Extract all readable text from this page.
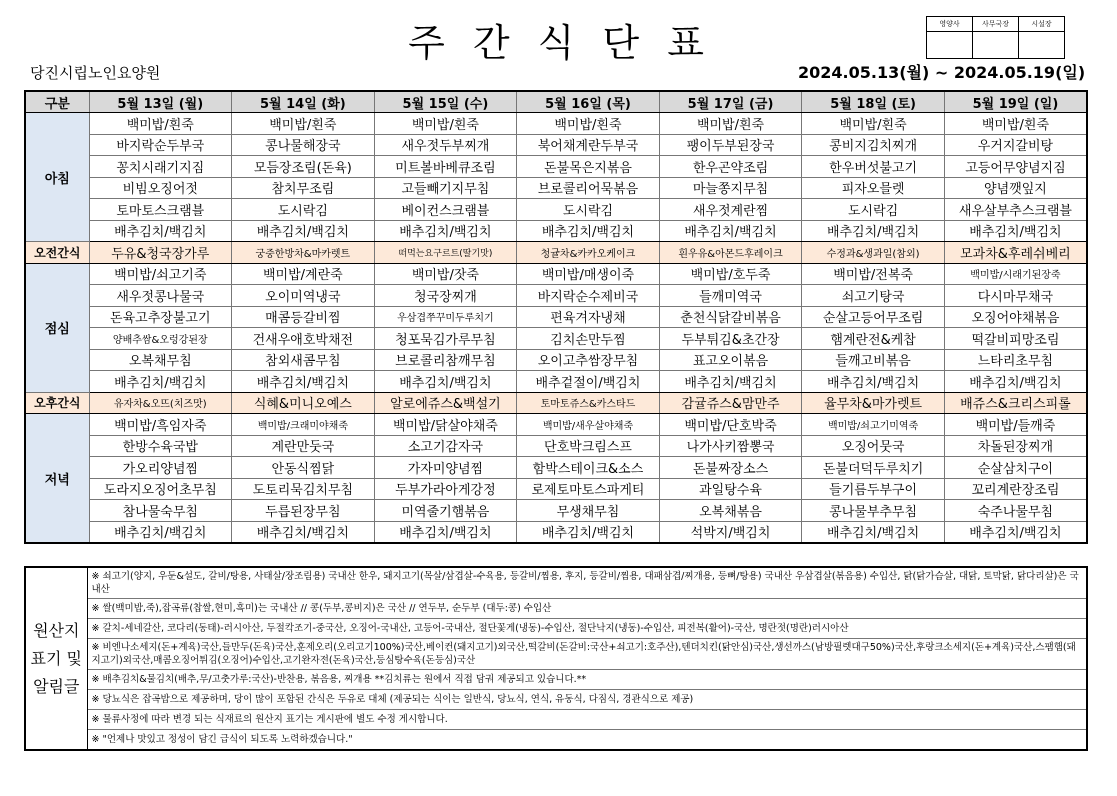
주 간 식 단 표	영양사	사무국장	시설장

당진시립노인요양원	2024.05.13(월) ~ 2024.05.19(일)
구분	5월 13일 (월)	5월 14일 (화)	5월 15일 (수)	5월 16일 (목)	5월 17일 (금)	5월 18일 (토)	5월 19일 (일)
아침	백미밥/흰죽	백미밥/흰죽	백미밥/흰죽	백미밥/흰죽	백미밥/흰죽	백미밥/흰죽	백미밥/흰죽
	바지락순두부국	콩나물해장국	새우젓두부찌개	북어채계란두부국	팽이두부된장국	콩비지김치찌개	우거지갈비탕
	꽁치시래기지짐	모듬장조림(돈육)	미트볼바베큐조림	돈불목은지볶음	한우곤약조림	한우버섯불고기	고등어무양념지짐
	비빔오징어젓	참치무조림	고들빼기지무침	브로콜리어묵볶음	마늘쫑지무침	피자오믈렛	양념깻잎지
	토마토스크램블	도시락김	베이컨스크램블	도시락김	새우젓계란찜	도시락김	새우살부추스크램블
	배추김치/백김치	배추김치/백김치	배추김치/백김치	배추김치/백김치	배추김치/백김치	배추김치/백김치	배추김치/백김치
오전간식	두유&청국장가루	궁중한방차&마카렛트	떠먹는요구르트(딸기맛)	청귤차&카카오케이크	흰우유&아몬드후레이크	수정과&생과일(참외)	모과차&후레쉬베리
점심	백미밥/쇠고기죽	백미밥/계란죽	백미밥/잣죽	백미밥/매생이죽	백미밥/호두죽	백미밥/전복죽	백미밥/시래기된장죽
	새우젓콩나물국	오이미역냉국	청국장찌개	바지락순수제비국	들깨미역국	쇠고기탕국	다시마무채국
	돈육고추장불고기	매콤등갈비찜	우삼겹쭈꾸미두루치기	편육겨자냉채	춘천식닭갈비볶음	순살고등어무조림	오징어야채볶음
	양배추쌈&오렁강된장	건새우애호박채전	청포묵김가루무침	김치손만두찜	두부튀김&초간장	햄계란전&케찹	떡갈비피망조림
	오복채무침	참외새콤무침	브로콜리참깨무침	오이고추쌈장무침	표고오이볶음	들깨고비볶음	느타리초무침
	배추김치/백김치	배추김치/백김치	배추김치/백김치	배추겉절이/백김치	배추김치/백김치	배추김치/백김치	배추김치/백김치
오후간식	유자차&오뜨(치즈맛)	식혜&미니오예스	알로에쥬스&백설기	토마토쥬스&카스타드	감귤쥬스&맘만주	율무차&마가렛트	배쥬스&크리스피롤
저녁	백미밥/흑임자죽	백미밥/크래미야채죽	백미밥/닭살야채죽	백미밥/새우살야채죽	백미밥/단호박죽	백미밥/쇠고기미역죽	백미밥/들깨죽
	한방수육국밥	계란만둣국	소고기감자국	단호박크림스프	나가사키짬뽕국	오징어뭇국	차돌된장찌개
	가오리양념찜	안동식찜닭	가자미양념찜	함박스테이크&소스	돈불짜장소스	돈불더덕두루치기	순살삼치구이
	도라지오징어초무침	도토리묵김치무침	두부가라아게강정	로제토마토스파게티	과일탕수육	들기름두부구이	꼬리계란장조림
	참나물숙무침	두릅된장무침	미역줄기햄볶음	무생채무침	오복채볶음	콩나물부추무침	숙주나물무침
	배추김치/백김치	배추김치/백김치	배추김치/백김치	배추김치/백김치	석박지/백김치	배추김치/백김치	배추김치/백김치
원산지 표기 및 알림글	※ 쇠고기(양지, 우둔&설도, 갈비/탕용, 사태살/장조림용) 국내산 한우, 돼지고기(목살/삼겹살-수육용, 등갈비/찜용, 후지, 등갈비/찜용, 대패삼겹/찌개용, 등뼈/탕용) 국내산 우삼겹살(볶음용) 수입산, 닭(닭가슴살, 대닭, 토막닭, 닭다리살)은 국내산
※ 쌀(백미밥,죽),잡곡류(찹쌀,현미,흑미)는 국내산 // 콩(두부,콩비지)은 국산 // 연두부, 순두부 (대두:콩) 수입산
※ 갈치-세네갈산, 코다리(동태)-러시아산, 두절칵조기-중국산, 오징어-국내산, 고등어-국내산, 절단꽃게(냉동)-수입산, 절단낙지(냉동)-수입산, 피전복(활어)-국산, 명란젓(명란)러시아산
※ 비엔나소세지(돈+계육)국산,들만두(돈육)국산,훈제오리(오리고기100%)국산,베이컨(돼지고기)외국산,떡갈비(돈갈비:국산+쇠고기:호주산),텐더치킨(닭안심)국산,생선까스(남방필렛대구50%)국산,후랑크소세지(돈+계육)국산,스팸햄(돼지고기)외국산,매콤오징어튀김(오징어)수입산,고기완자전(돈육)국산,등심탕수육(돈등심)국산
※ 배추김치&물김치(배추,무/고춧가루:국산)-반찬용, 볶음용, 찌개용 **김치류는 원에서 직접 담궈 제공되고 있습니다.**
※ 당뇨식은 잡곡밥으로 제공하며, 당이 많이 포함된 간식은 두유로 대체 (제공되는 식이는 일반식, 당뇨식, 연식, 유동식, 다짐식, 경관식으로 제공)
※ 물류사정에 따라 변경 되는 식재료의 원산지 표기는 게시판에 별도 수정 게시합니다.
※ "언제나 맛있고 정성이 담긴 급식이 되도록 노력하겠습니다."
